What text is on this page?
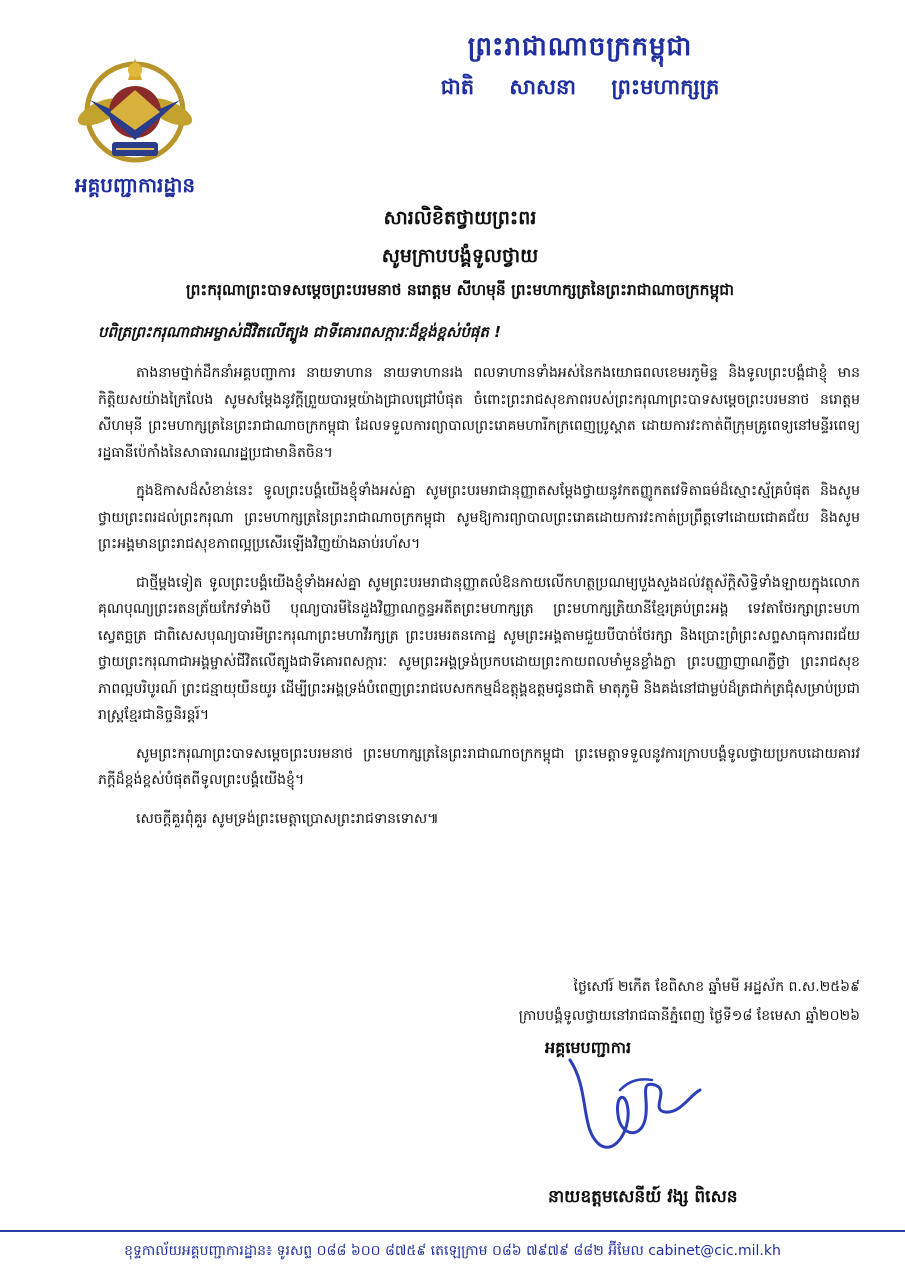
ព្រះរាជាណាចក្រកម្ពុជា
ជាតិ សាសនា ព្រះមហាក្សត្រ
អគ្គបញ្ជាការដ្ឋាន
សារលិខិតថ្វាយព្រះពរ
សូមក្រាបបង្គំទូលថ្វាយ
ព្រះករុណាព្រះបាទសម្តេចព្រះបរមនាថ នរោត្តម សីហមុនី ព្រះមហាក្សត្រនៃព្រះរាជាណាចក្រកម្ពុជា
បពិត្រព្រះករុណាជាអម្ចាស់ជីវិតលើត្បូង ជាទីគោរពសក្ការៈដ៏ខ្ពង់ខ្ពស់បំផុត !

តាងនាមថ្នាក់ដឹកនាំអគ្គបញ្ជាការ នាយទាហាន នាយទាហានរង ពលទាហានទាំងអស់នៃកងយោធពលខេមរភូមិន្ទ និងទូលព្រះបង្គំជាខ្ញុំ មានកិត្តិយសយ៉ាងក្រៃលែង សូមសម្តែងនូវក្តីព្រួយបារម្ភយ៉ាងជ្រាលជ្រៅបំផុត ចំពោះព្រះរាជសុខភាពរបស់ព្រះករុណាព្រះបាទសម្តេចព្រះបរមនាថ នរោត្តម សីហមុនី ព្រះមហាក្សត្រនៃព្រះរាជាណាចក្រកម្ពុជា ដែលទទួលការព្យាបាលព្រះរោគមហារីកក្រពេញប្រូស្តាត ដោយការវះកាត់ពីក្រុមគ្រូពេទ្យនៅមន្ទីរពេទ្យរដ្ឋធានីប៉េកាំងនៃសាធារណរដ្ឋប្រជាមានិតចិន។

ក្នុងឱកាសដ៏សំខាន់នេះ ទូលព្រះបង្គំយើងខ្ញុំទាំងអស់គ្នា សូមព្រះបរមរាជានុញ្ញាតសម្តែងថ្វាយនូវកតញ្ញូកតវេទិតាធម៌ដ៏ស្មោះស្ម័គ្របំផុត និងសូមថ្វាយព្រះពរដល់ព្រះករុណា ព្រះមហាក្សត្រនៃព្រះរាជាណាចក្រកម្ពុជា សូមឱ្យការព្យាបាលព្រះរោគដោយការវះកាត់ប្រព្រឹត្តទៅដោយជោគជ័យ និងសូមព្រះអង្គមានព្រះរាជសុខភាពល្អប្រសើរឡើងវិញយ៉ាងឆាប់រហ័ស។

ជាថ្មីម្តងទៀត ទូលព្រះបង្គំយើងខ្ញុំទាំងអស់គ្នា សូមព្រះបរមរាជានុញ្ញាតលំឱនកាយលើកហត្ថប្រណម្យបួងសួងដល់វត្ថុស័ក្តិសិទ្ធិទាំងឡាយក្នុងលោក គុណបុណ្យព្រះរតនត្រ័យកែវទាំងបី បុណ្យបារមីនៃដួងវិញ្ញាណក្ខន្ធអតីតព្រះមហាក្សត្រ ព្រះមហាក្សត្រិយានីខ្មែរគ្រប់ព្រះអង្គ ទេវតាថែរក្សាព្រះមហាស្វេតច្ឆត្រ ជាពិសេសបុណ្យបារមីព្រះករុណាព្រះមហាវីរក្សត្រ ព្រះបរមរតនកោដ្ឋ សូមព្រះអង្គតាមជួយបីបាច់ថែរក្សា និងប្រោះព្រំព្រះសព្ទសាធុការពរជ័យថ្វាយព្រះករុណាជាអង្គម្ចាស់ជីវិតលើត្បូងជាទីគោរពសក្ការៈ សូមព្រះអង្គទ្រង់ប្រកបដោយព្រះកាយពលមាំមួនខ្លាំងក្លា ព្រះបញ្ញាញាណភ្លឺថ្លា ព្រះរាជសុខភាពល្អបរិបូរណ៍ ព្រះជន្មាយុយឺនយូរ ដើម្បីព្រះអង្គទ្រង់បំពេញព្រះរាជបេសកកម្មដ៏ឧត្តុង្គឧត្តមជូនជាតិ មាតុភូមិ និងគង់នៅជាម្លប់ដ៏ត្រជាក់ត្រជុំសម្រាប់ប្រជារាស្រ្តខ្មែរជានិច្ចនិរន្តរ៍។

សូមព្រះករុណាព្រះបាទសម្តេចព្រះបរមនាថ ព្រះមហាក្សត្រនៃព្រះរាជាណាចក្រកម្ពុជា ព្រះមេត្តាទទួលនូវការក្រាបបង្គំទូលថ្វាយប្រកបដោយគារវភក្តីដ៏ខ្ពង់ខ្ពស់បំផុតពីទូលព្រះបង្គំយើងខ្ញុំ។

សេចក្តីគួរពុំគួរ សូមទ្រង់ព្រះមេត្តាប្រោសព្រះរាជទានទោស៕

ថ្ងៃសៅរ៍ ២កើត ខែពិសាខ ឆ្នាំមមី អដ្ឋស័ក ព.ស.២៥៦៩
ក្រាបបង្គំទូលថ្វាយនៅរាជធានីភ្នំពេញ ថ្ងៃទី១៨ ខែមេសា ឆ្នាំ២០២៦
អគ្គមេបញ្ជាការ
នាយឧត្តមសេនីយ៍ វង្ស ពិសេន
ខុទ្ទកាល័យអគ្គបញ្ជាការដ្ឋាន៖ ទូរសព្ទ ០៨៨ ៦០០ ៨៧៥៩ តេឡេក្រាម ០៨៦ ៧៩៧៩ ៨៨២ អ៊ីមែល cabinet@cic.mil.kh
